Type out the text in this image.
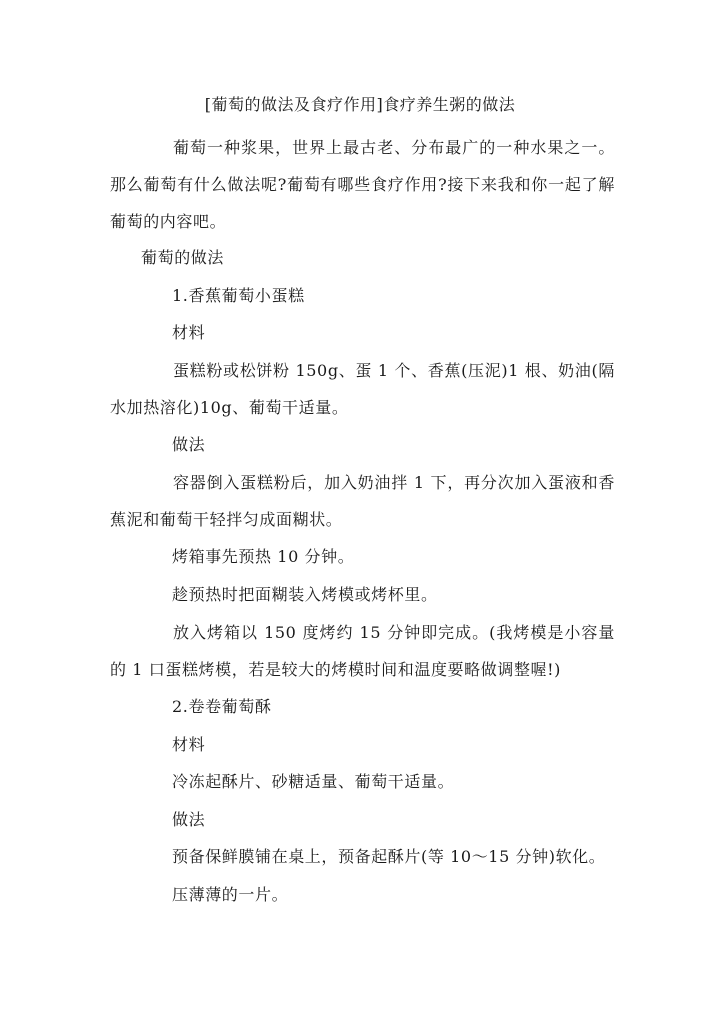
[葡萄的做法及食疗作用]食疗养生粥的做法

葡萄一种浆果，世界上最古老、分布最广的一种水果之一。那么葡萄有什么做法呢?葡萄有哪些食疗作用?接下来我和你一起了解葡萄的内容吧。

葡萄的做法
1.香蕉葡萄小蛋糕
材料

蛋糕粉或松饼粉 150g、蛋 1 个、香蕉(压泥)1 根、奶油(隔水加热溶化)10g、葡萄干适量。

做法

容器倒入蛋糕粉后，加入奶油拌 1 下，再分次加入蛋液和香蕉泥和葡萄干轻拌匀成面糊状。

烤箱事先预热 10 分钟。
趁预热时把面糊装入烤模或烤杯里。

放入烤箱以 150 度烤约 15 分钟即完成。(我烤模是小容量的 1 口蛋糕烤模，若是较大的烤模时间和温度要略做调整喔!)

2.卷卷葡萄酥
材料
冷冻起酥片、砂糖适量、葡萄干适量。
做法
预备保鲜膜铺在桌上，预备起酥片(等 10～15 分钟)软化。
压薄薄的一片。
